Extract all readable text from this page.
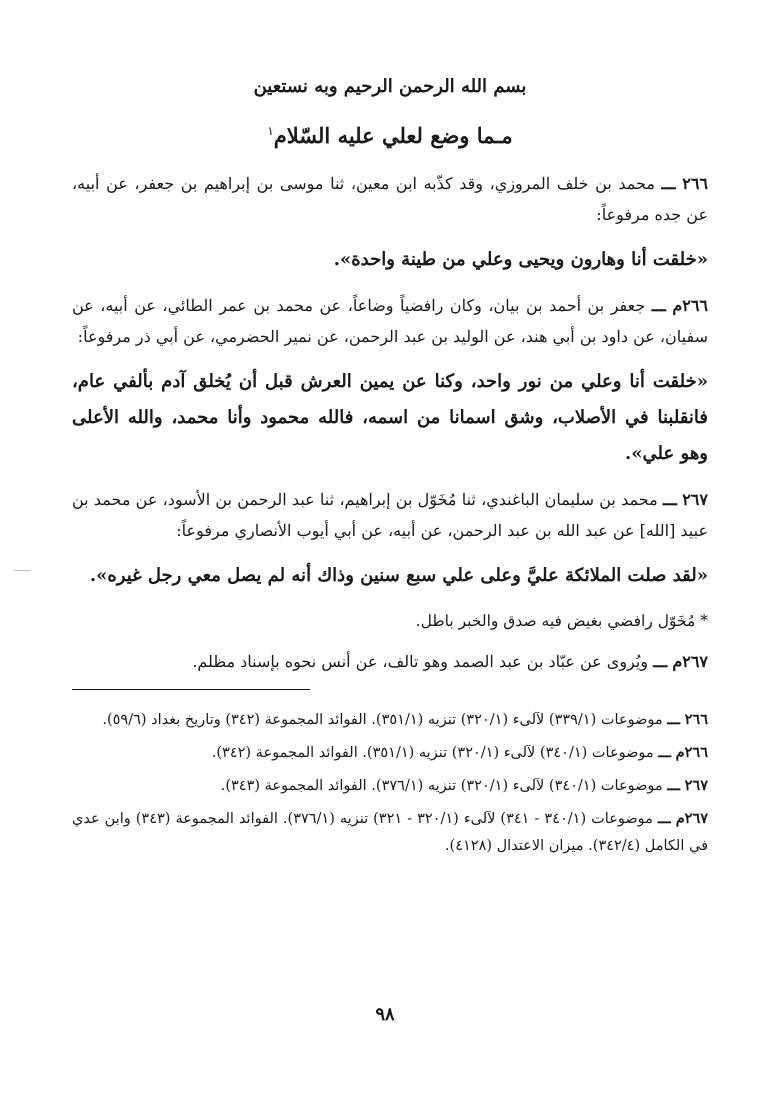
بسم الله الرحمن الرحيم وبه نستعين
مـما وضع لعلي عليه السّلام$^١$

٢٦٦ ـــ محمد بن خلف المروزي، وقد كذّبه ابن معين، ثنا موسى بن إبراهيم بن جعفر، عن أبيه، عن جده مرفوعاً:

«خلقت أنا وهارون ويحيى وعلي من طينة واحدة».

٢٦٦م ـــ جعفر بن أحمد بن بيان، وكان رافضياً وضاعاً، عن محمد بن عمر الطائي، عن أبيه، عن سفيان، عن داود بن أبي هند، عن الوليد بن عبد الرحمن، عن نمير الحضرمي، عن أبي ذر مرفوعاً:

«خلقت أنا وعلي من نور واحد، وكنا عن يمين العرش قبل أن يُخلق آدم بألفي عام، فانقلبنا في الأصلاب، وشق اسمانا من اسمه، فالله محمود وأنا محمد، والله الأعلى وهو علي».

٢٦٧ ـــ محمد بن سليمان الباغندي، ثنا مُخَوّل بن إبراهيم، ثنا عبد الرحمن بن الأسود، عن محمد بن عبيد [الله] عن عبد الله بن عبد الرحمن، عن أبيه، عن أبي أيوب الأنصاري مرفوعاً:

«لقد صلت الملائكة عليَّ وعلى علي سبع سنين وذاك أنه لم يصل معي رجل غيره».

* مُخَوّل رافضي بغيض فيه صدق والخبر باطل.

٢٦٧م ـــ ويُروى عن عبّاد بن عبد الصمد وهو تالف، عن أنس نحوه بإسناد مظلم.

٢٦٦ ـــ موضوعات (٣٣٩/١) لآلىء (٣٢٠/١) تنزيه (٣٥١/١). الفوائد المجموعة (٣٤٢) وتاريخ بغداد (٥٩/٦).

٢٦٦م ـــ موضوعات (٣٤٠/١) لآلىء (٣٢٠/١) تنزيه (٣٥١/١). الفوائد المجموعة (٣٤٢).

٢٦٧ ـــ موضوعات (٣٤٠/١) لآلىء (٣٢٠/١) تنزيه (٣٧٦/١). الفوائد المجموعة (٣٤٣).

٢٦٧م ـــ موضوعات (٣٤٠/١ - ٣٤١) لآلىء (٣٢٠/١ - ٣٢١) تنزيه (٣٧٦/١). الفوائد المجموعة (٣٤٣) وابن عدي في الكامل (٣٤٢/٤). ميزان الاعتدال (٤١٢٨).

٩٨
